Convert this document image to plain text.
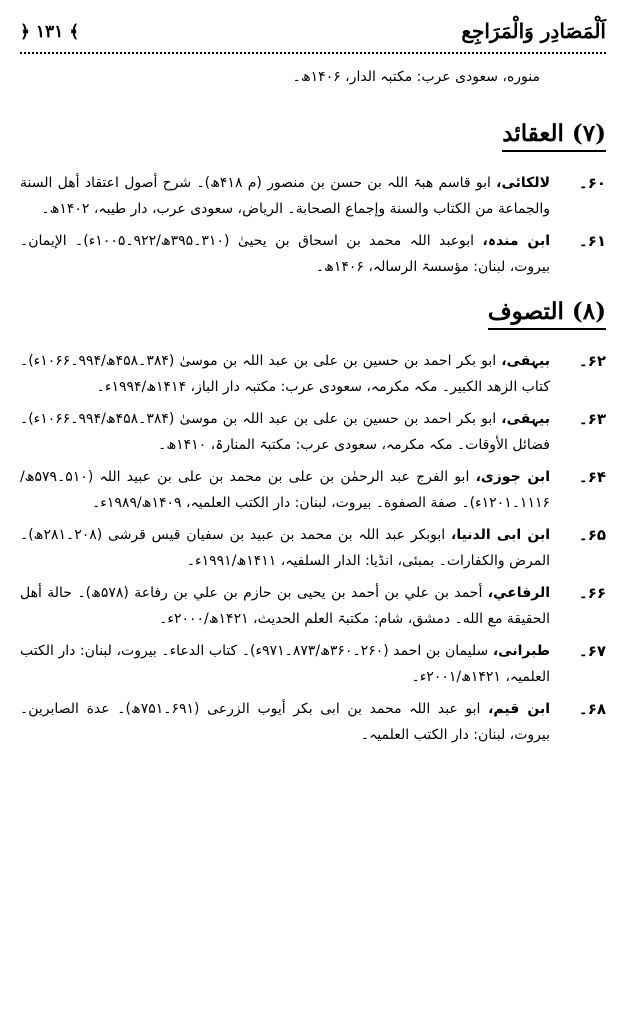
اَلْمَصَادِر وَالْمَرَاجِع
﴿ ۱۳۱ ﴾
منوره، سعودی عرب: مکتبہ الدار، ۱۴۰۶ھ۔
(۷) العقائد
۶۰۔
لالکائی، ابو قاسم ھبۃ اللہ بن حسن بن منصور (م ۴۱۸ھ)۔ شرح أصول اعتقاد أهل السنة والجماعة من الكتاب والسنة وإجماع الصحابة۔ الریاض، سعودی عرب، دار طیبہ، ۱۴۰۲ھ۔
۶۱۔
ابن مندہ، ابوعبد اللہ محمد بن اسحاق بن یحییٰ (۳۱۰۔۳۹۵ھ/۹۲۲۔۱۰۰۵ء)۔ الإیمان۔ بیروت، لبنان: مؤسسۃ الرسالہ، ۱۴۰۶ھ۔
(۸) التصوف
۶۲۔
بیہقی، ابو بکر احمد بن حسین بن علی بن عبد اللہ بن موسیٰ (۳۸۴۔۴۵۸ھ/۹۹۴۔۱۰۶۶ء)۔ کتاب الزهد الكبير۔ مکہ مکرمہ، سعودی عرب: مکتبہ دار الباز، ۱۴۱۴ھ/۱۹۹۴ء۔
۶۳۔
بیہقی، ابو بکر احمد بن حسین بن علی بن عبد اللہ بن موسیٰ (۳۸۴۔۴۵۸ھ/۹۹۴۔۱۰۶۶ء)۔ فضائل الأوقات۔ مکہ مکرمہ، سعودی عرب: مکتبۃ المنارۃ، ۱۴۱۰ھ۔
۶۴۔
ابن جوزی، ابو الفرج عبد الرحمٰن بن علی بن محمد بن علی بن عبید اللہ (۵۱۰۔۵۷۹ھ/۱۱۱۶۔۱۲۰۱ء)۔ صفة الصفوة۔ بیروت، لبنان: دار الکتب العلمیہ، ۱۴۰۹ھ/۱۹۸۹ء۔
۶۵۔
ابن ابی الدنیا، ابوبکر عبد اللہ بن محمد بن عبید بن سفیان قیس قرشی (۲۰۸۔۲۸۱ھ)۔ المرض والكفارات۔ بمبئی، انڈیا: الدار السلفیہ، ۱۴۱۱ھ/۱۹۹۱ء۔
۶۶۔
الرفاعي، أحمد بن علي بن أحمد بن يحيى بن حازم بن علي بن رفاعة (۵۷۸ھ)۔ حالة أهل الحقيقة مع الله۔ دمشق، شام: مکتبۃ العلم الحدیث، ۱۴۲۱ھ/۲۰۰۰ء۔
۶۷۔
طبرانی، سلیمان بن احمد (۲۶۰۔۳۶۰ھ/۸۷۳۔۹۷۱ء)۔ کتاب الدعاء۔ بیروت، لبنان: دار الکتب العلمیہ، ۱۴۲۱ھ/۲۰۰۱ء۔
۶۸۔
ابن قیم، ابو عبد اللہ محمد بن ابی بکر أیوب الزرعی (۶۹۱۔۷۵۱ھ)۔ عدة الصابرين۔ بیروت، لبنان: دار الکتب العلمیہ۔
